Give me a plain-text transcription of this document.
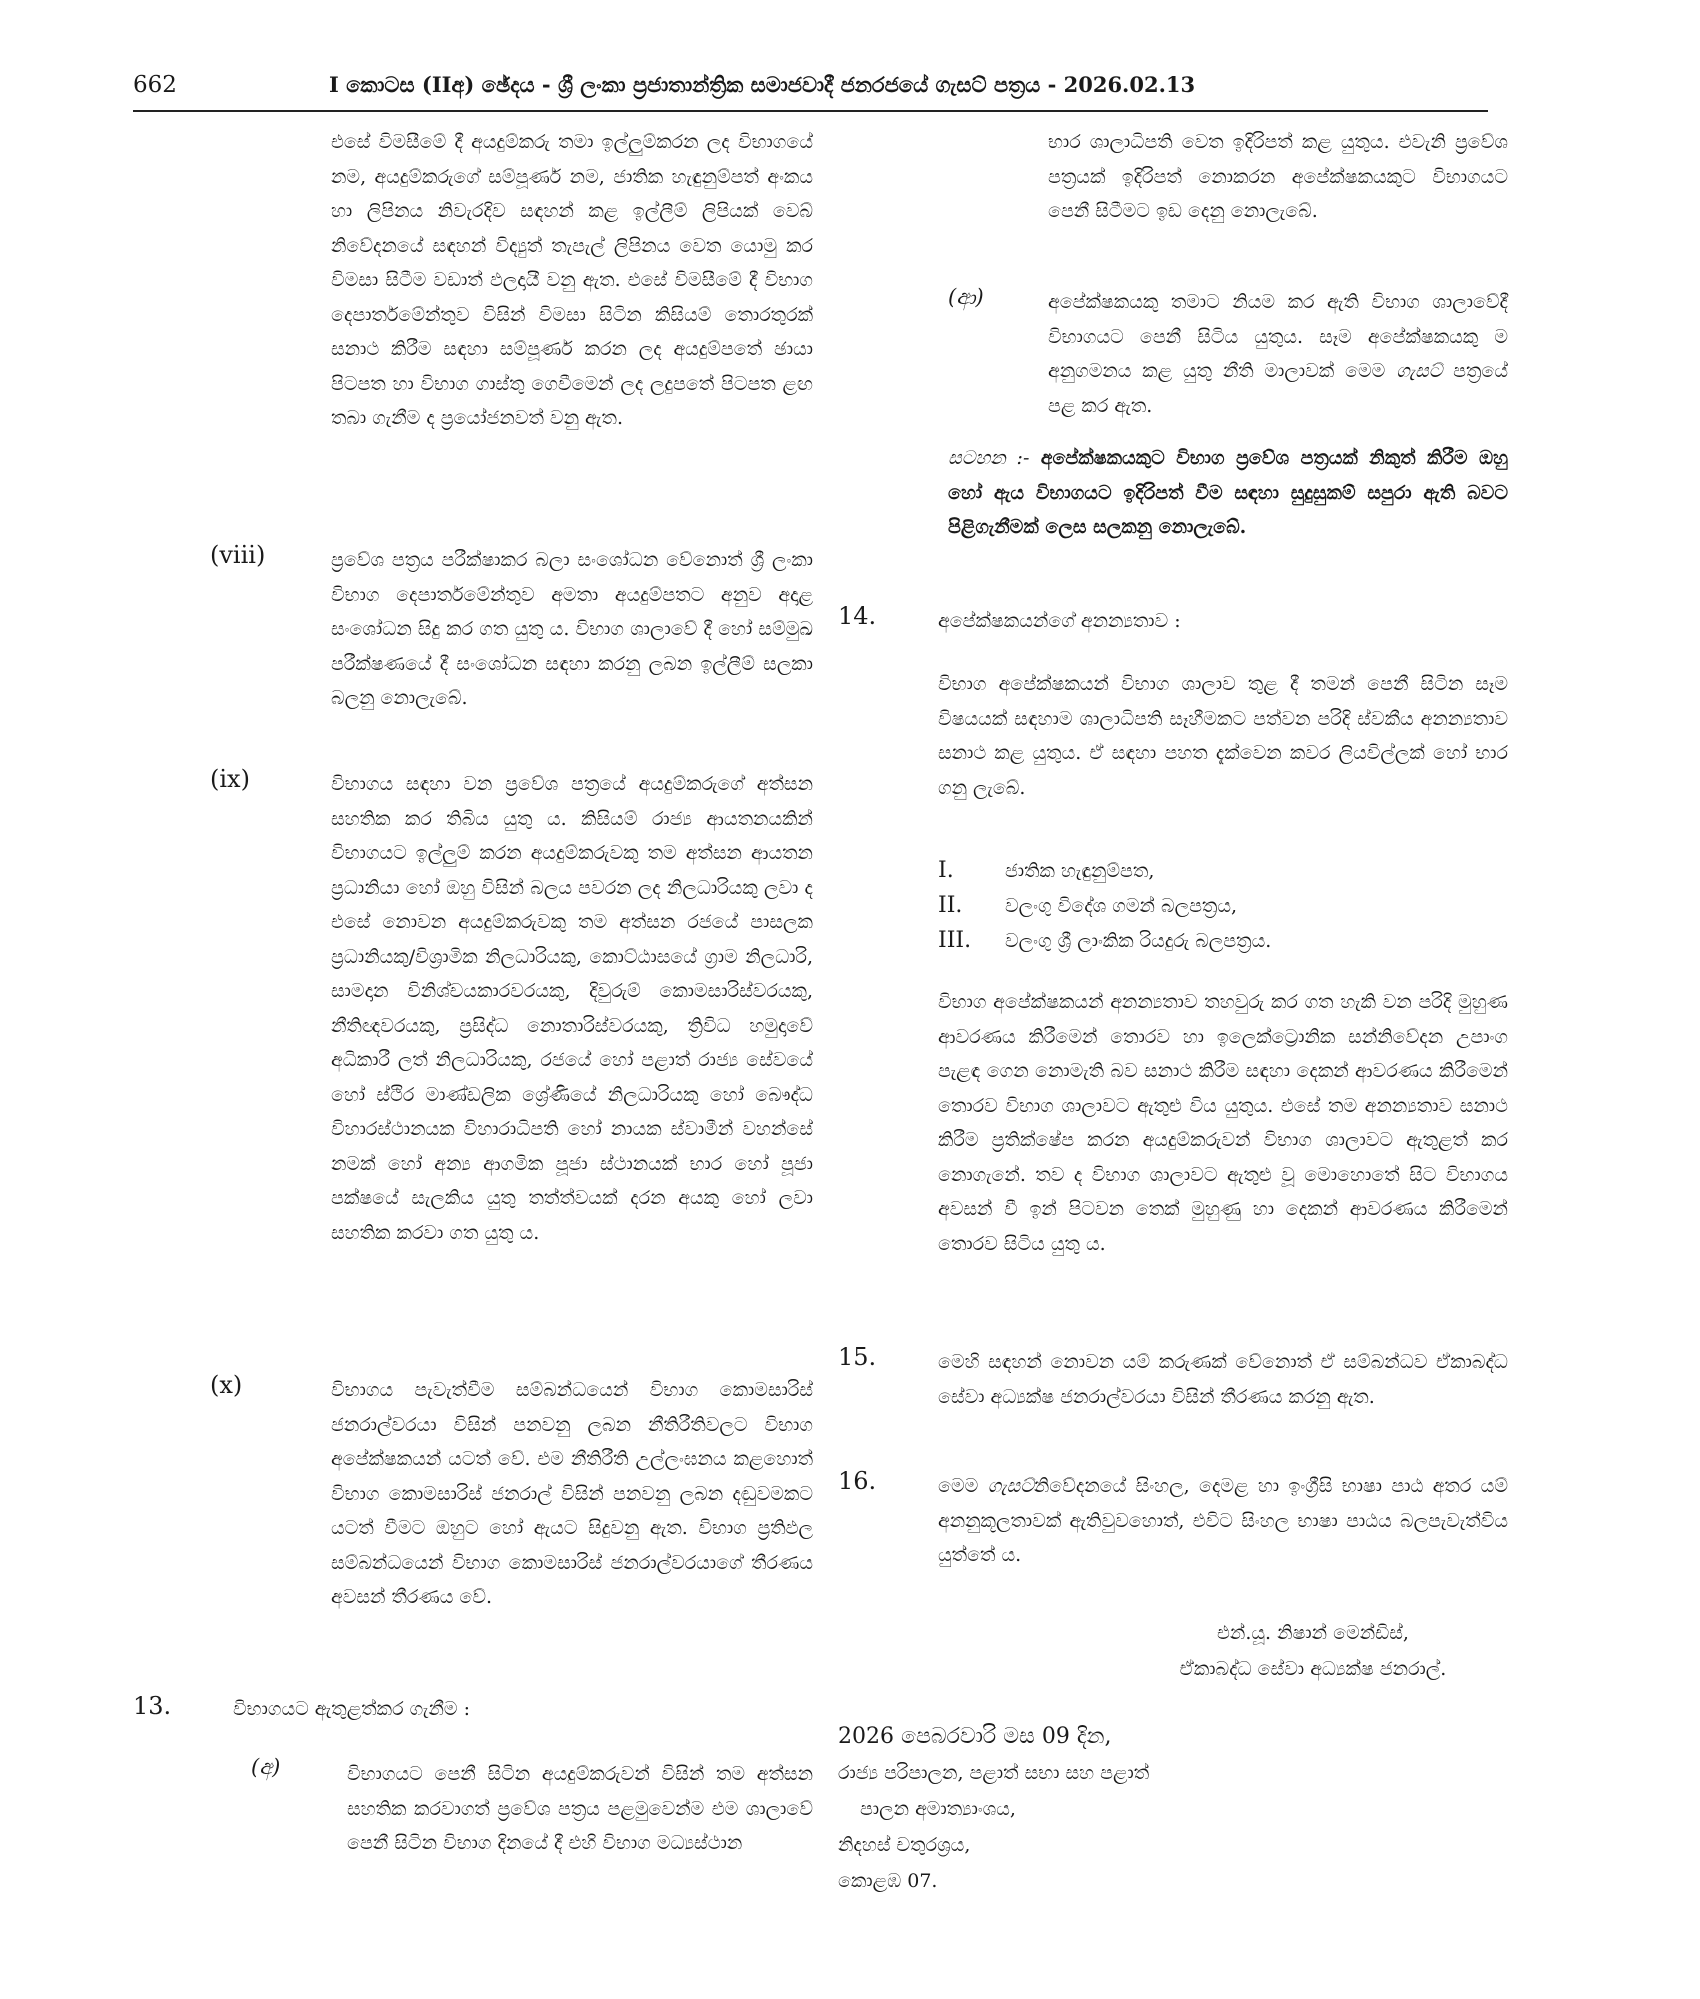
662	I කොටස (IIඅ) ඡේදය - ශ්‍රී ලංකා ප්‍රජාතාන්ත්‍රික සමාජවාදී ජනරජයේ ගැසට් පත්‍රය - 2026.02.13
එසේ විමසීමේ දී අයදුම්කරු තමා ඉල්ලුම්කරන ලද විභාගයේ නම, අයදුම්කරුගේ සම්පූර්ණ නම, ජාතික හැඳුනුම්පත් අංකය හා ලිපිනය නිවැරදිව සඳහන් කළ ඉල්ලීම් ලිපියක් වෙබ් නිවේදනයේ සඳහන් විද්‍යුත් තැපැල් ලිපිනය වෙත යොමු කර විමසා සිටීම වඩාත් ඵලදායී වනු ඇත. එසේ විමසීමේ දී විභාග දෙපාර්තමේන්තුව විසින් විමසා සිටින කිසියම් තොරතුරක් සනාථ කිරීම සඳහා සම්පූර්ණ කරන ලද අයදුම්පතේ ඡායා පිටපත හා විභාග ගාස්තු ගෙවීමෙන් ලද ලදුපතේ පිටපත ළඟ තබා ගැනීම ද ප්‍රයෝජනවත් වනු ඇත.
(viii)	ප්‍රවේශ පත්‍රය පරීක්ෂාකර බලා සංශෝධන වේනොත් ශ්‍රී ලංකා විභාග දෙපාර්තමේන්තුව අමතා අයදුම්පතට අනුව අදාළ සංශෝධන සිදු කර ගත යුතු ය. විභාග ශාලාවේ දී හෝ සම්මුඛ පරීක්ෂණයේ දී සංශෝධන සඳහා කරනු ලබන ඉල්ලීම් සලකා බලනු නොලැබේ.
(ix)	විභාගය සඳහා වන ප්‍රවේශ පත්‍රයේ අයදුම්කරුගේ අත්සන සහතික කර තිබිය යුතු ය. කිසියම් රාජ්‍ය ආයතනයකින් විභාගයට ඉල්ලුම් කරන අයදුම්කරුවකු තම අත්සන ආයතන ප්‍රධානියා හෝ ඔහු විසින් බලය පවරන ලද නිලධාරියකු ලවා ද එසේ නොවන අයදුම්කරුවකු තම අත්සන රජයේ පාසලක ප්‍රධානියකු/විශ්‍රාමික නිලධාරියකු, කොට්ඨාසයේ ග්‍රාම නිලධාරි, සාමදාන විනිශ්චයකාරවරයකු, දිවුරුම් කොමසාරිස්වරයකු, නීතිඥවරයකු, ප්‍රසිද්ධ නොතාරිස්වරයකු, ත්‍රිවිධ හමුදාවේ අධිකාරී ලත් නිලධාරියකු, රජයේ හෝ පළාත් රාජ්‍ය සේවයේ හෝ ස්ථිර මාණ්ඩලික ශ්‍රේණියේ නිලධාරියකු හෝ බෞද්ධ විහාරස්ථානයක විහාරාධිපති හෝ නායක ස්වාමීන් වහන්සේ නමක් හෝ අන්‍ය ආගමික පූජා ස්ථානයක් භාර හෝ පූජා පක්ෂයේ සැලකිය යුතු තත්ත්වයක් දරන අයකු හෝ ලවා සහතික කරවා ගත යුතු ය.
(x)	විභාගය පැවැත්වීම සම්බන්ධයෙන් විභාග කොමසාරිස් ජනරාල්වරයා විසින් පනවනු ලබන නීතිරීතිවලට විභාග අපේක්ෂකයන් යටත් වේ. එම නීතිරීති උල්ලංඝනය කළහොත් විභාග කොමසාරිස් ජනරාල් විසින් පනවනු ලබන දඬුවමකට යටත් වීමට ඔහුට හෝ ඇයට සිදුවනු ඇත. විභාග ප්‍රතිඵල සම්බන්ධයෙන් විභාග කොමසාරිස් ජනරාල්වරයාගේ තීරණය අවසන් තීරණය වේ.
13.	විභාගයට ඇතුළත්කර ගැනීම :
(අ)	විභාගයට පෙනී සිටින අයදුම්කරුවන් විසින් තම අත්සන සහතික කරවාගත් ප්‍රවේශ පත්‍රය පළමුවෙන්ම එම ශාලාවේ පෙනී සිටින විභාග දිනයේ දී එහි විභාග මධ්‍යස්ථාන
භාර ශාලාධිපති වෙත ඉදිරිපත් කළ යුතුය. එවැනි ප්‍රවේශ පත්‍රයක් ඉදිරිපත් නොකරන අපේක්ෂකයකුට විභාගයට පෙනී සිටීමට ඉඩ දෙනු නොලැබේ.
(ආ)	අපේක්ෂකයකු තමාට නියම කර ඇති විභාග ශාලාවේදී විභාගයට පෙනී සිටිය යුතුය. සෑම අපේක්ෂකයකු ම අනුගමනය කළ යුතු නීති මාලාවක් මෙම ගැසට් පත්‍රයේ පළ කර ඇත.
සටහන :- අපේක්ෂකයකුට විභාග ප්‍රවේශ පත්‍රයක් නිකුත් කිරීම ඔහු හෝ ඇය විභාගයට ඉදිරිපත් වීම සඳහා සුදුසුකම් සපුරා ඇති බවට පිළිගැනීමක් ලෙස සලකනු නොලැබේ.
14.	අපේක්ෂකයන්ගේ අනන්‍යතාව :
විභාග අපේක්ෂකයන් විභාග ශාලාව තුළ දී තමන් පෙනී සිටින සෑම විෂයයක් සඳහාම ශාලාධිපති සෑහීමකට පත්වන පරිදි ස්වකීය අනන්‍යතාව සනාථ කළ යුතුය. ඒ සඳහා පහත දැක්වෙන කවර ලියවිල්ලක් හෝ භාර ගනු ලැබේ.
I.	ජාතික හැඳුනුම්පත,
II. වලංගු විදේශ ගමන් බලපත්‍රය,
III. වලංගු ශ්‍රී ලාංකික රියදුරු බලපත්‍රය.
විභාග අපේක්ෂකයන් අනන්‍යතාව තහවුරු කර ගත හැකි වන පරිදි මුහුණ ආවරණය කිරීමෙන් තොරව හා ඉලෙක්ට්‍රොනික සන්නිවේදන උපාංග පැළඳ ගෙන නොමැති බව සනාථ කිරීම සඳහා දෙකන් ආවරණය කිරීමෙන් තොරව විභාග ශාලාවට ඇතුළු විය යුතුය. එසේ තම අනන්‍යතාව සනාථ කිරීම ප්‍රතික්ෂේප කරන අයදුම්කරුවන් විභාග ශාලාවට ඇතුළත් කර නොගැනේ. තව ද විභාග ශාලාවට ඇතුළු වූ මොහොතේ සිට විභාගය අවසන් වී ඉන් පිටවන තෙක් මුහුණු හා දෙකන් ආවරණය කිරීමෙන් තොරව සිටිය යුතු ය.
15.	මෙහි සඳහන් නොවන යම් කරුණක් වේනොත් ඒ සම්බන්ධව ඒකාබද්ධ සේවා අධ්‍යක්ෂ ජනරාල්වරයා විසින් තීරණය කරනු ඇත.
16.	මෙම ගැසට්නිවේදනයේ සිංහල, දෙමළ හා ඉංග්‍රීසි භාෂා පාඨ අතර යම් අනනුකූලතාවක් ඇතිවුවහොත්, එවිට සිංහල භාෂා පාඨය බලපැවැත්විය යුත්තේ ය.
එන්.යූ. නිෂාන් මෙන්ඩිස්,
ඒකාබද්ධ සේවා අධ්‍යක්ෂ ජනරාල්.
2026 පෙබරවාරි මස 09 දින,
රාජ්‍ය පරිපාලන, පළාත් සභා සහ පළාත්
පාලන අමාත්‍යාංශය,
නිදහස් චතුරශ්‍රය,
කොළඹ 07.
